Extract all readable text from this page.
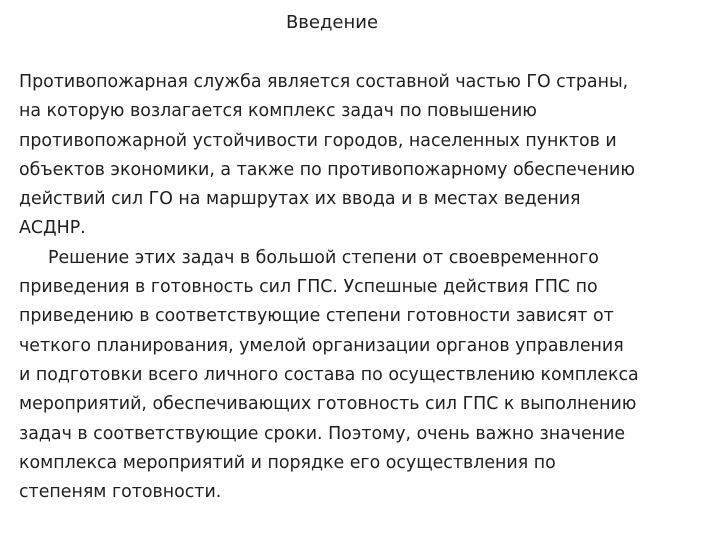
Введение
Противопожарная служба является составной частью ГО страны,
на которую возлагается комплекс задач по повышению
противопожарной устойчивости городов, населенных пунктов и
объектов экономики, а также по противопожарному обеспечению
действий сил ГО на маршрутах их ввода и в местах ведения
АСДНР.
Решение этих задач в большой степени от своевременного
приведения в готовность сил ГПС. Успешные действия ГПС по
приведению в соответствующие степени готовности зависят от
четкого планирования, умелой организации органов управления
и подготовки всего личного состава по осуществлению комплекса
мероприятий, обеспечивающих готовность сил ГПС к выполнению
задач в соответствующие сроки. Поэтому, очень важно значение
комплекса мероприятий и порядке его осуществления по
степеням готовности.
